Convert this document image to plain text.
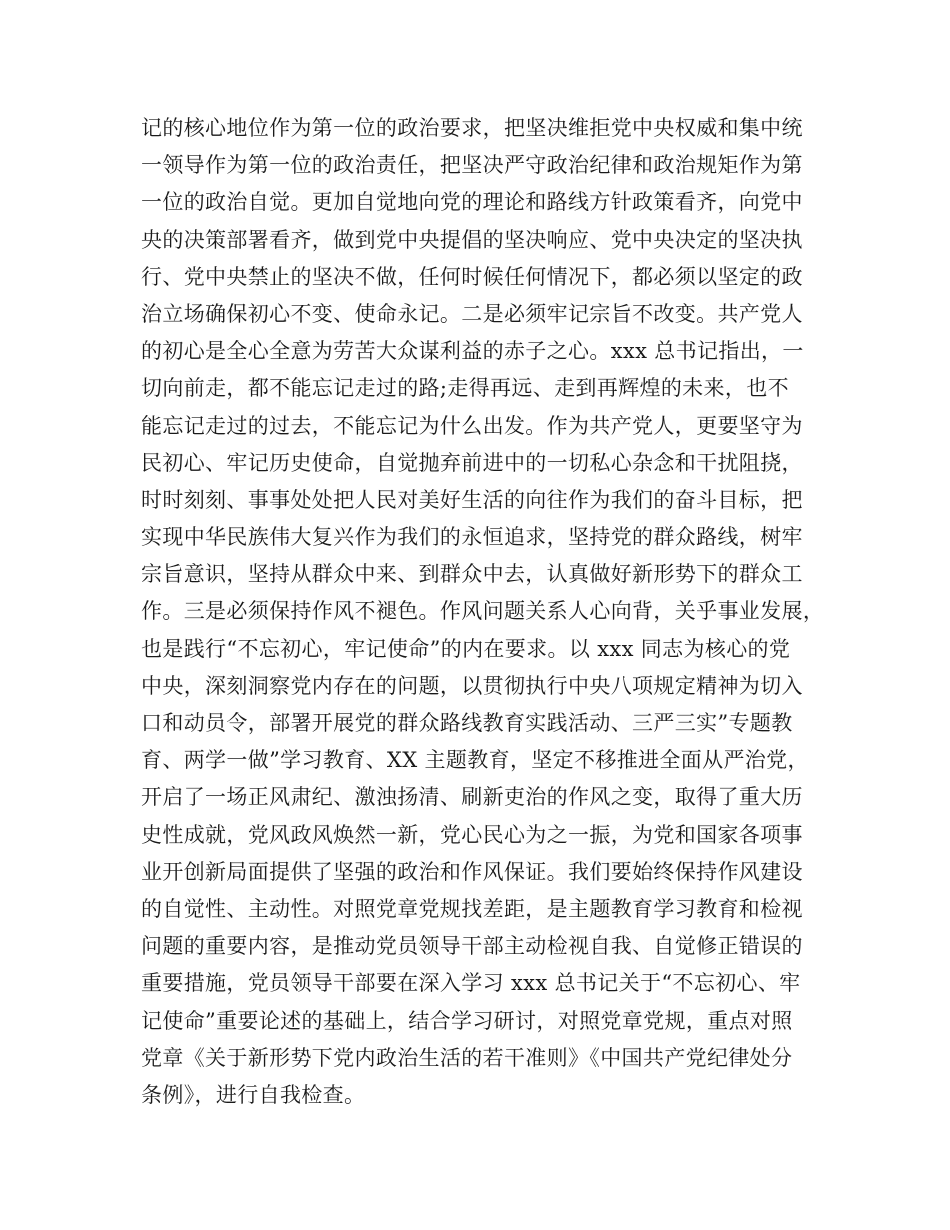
记的核心地位作为第一位的政治要求，把坚决维拒党中央权威和集中统
一领导作为第一位的政治责任，把坚决严守政治纪律和政治规矩作为第
一位的政治自觉。更加自觉地向党的理论和路线方针政策看齐，向党中
央的决策部署看齐，做到党中央提倡的坚决响应、党中央决定的坚决执
行、党中央禁止的坚决不做，任何时候任何情况下，都必须以坚定的政
治立场确保初心不变、使命永记。二是必须牢记宗旨不改变。共产党人
的初心是全心全意为劳苦大众谋利益的赤子之心。xxx 总书记指出，一
切向前走，都不能忘记走过的路;走得再远、走到再辉煌的未来，也不
能忘记走过的过去，不能忘记为什么出发。作为共产党人，更要坚守为
民初心、牢记历史使命，自觉抛弃前进中的一切私心杂念和干扰阻挠，
时时刻刻、事事处处把人民对美好生活的向往作为我们的奋斗目标，把
实现中华民族伟大复兴作为我们的永恒追求，坚持党的群众路线，树牢
宗旨意识，坚持从群众中来、到群众中去，认真做好新形势下的群众工
作。三是必须保持作风不褪色。作风问题关系人心向背，关乎事业发展，
也是践行“不忘初心，牢记使命”的内在要求。以 xxx 同志为核心的党
中央，深刻洞察党内存在的问题，以贯彻执行中央八项规定精神为切入
口和动员令，部署开展党的群众路线教育实践活动、三严三实”专题教
育、两学一做”学习教育、XX 主题教育，坚定不移推进全面从严治党，
开启了一场正风肃纪、激浊扬清、刷新吏治的作风之变，取得了重大历
史性成就，党风政风焕然一新，党心民心为之一振，为党和国家各项事
业开创新局面提供了坚强的政治和作风保证。我们要始终保持作风建设
的自觉性、主动性。对照党章党规找差距，是主题教育学习教育和检视
问题的重要内容，是推动党员领导干部主动检视自我、自觉修正错误的
重要措施，党员领导干部要在深入学习 xxx 总书记关于“不忘初心、牢
记使命”重要论述的基础上，结合学习研讨，对照党章党规，重点对照
党章《关于新形势下党内政治生活的若干准则》《中国共产党纪律处分
条例》，进行自我检查。
